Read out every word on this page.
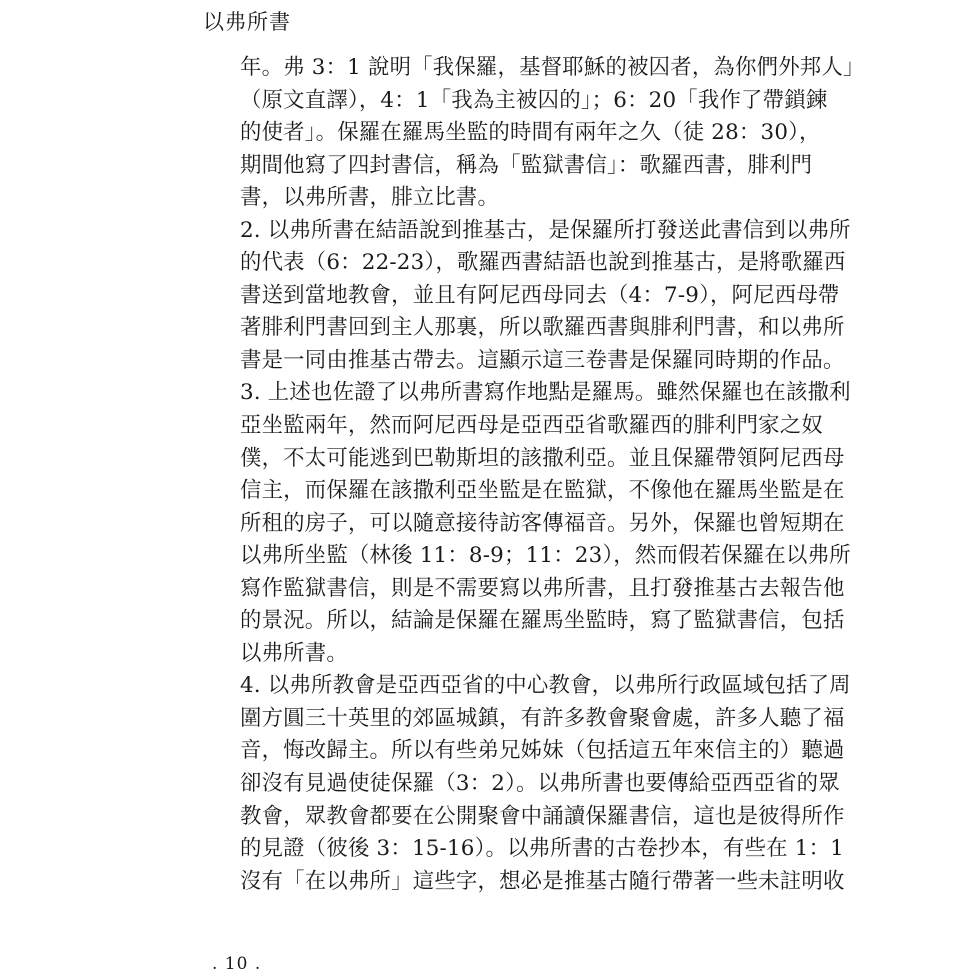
以弗所書
年。弗 3：1 說明「我保羅，基督耶穌的被囚者，為你們外邦人」
（原文直譯），4：1「我為主被囚的」；6：20「我作了帶鎖鍊
的使者」。保羅在羅馬坐監的時間有兩年之久（徒 28：30），
期間他寫了四封書信，稱為「監獄書信」：歌羅西書，腓利門
書，以弗所書，腓立比書。
2. 以弗所書在結語說到推基古，是保羅所打發送此書信到以弗所
的代表（6：22-23），歌羅西書結語也說到推基古，是將歌羅西
書送到當地教會，並且有阿尼西母同去（4：7-9），阿尼西母帶
著腓利門書回到主人那裏，所以歌羅西書與腓利門書，和以弗所
書是一同由推基古帶去。這顯示這三卷書是保羅同時期的作品。
3. 上述也佐證了以弗所書寫作地點是羅馬。雖然保羅也在該撒利
亞坐監兩年，然而阿尼西母是亞西亞省歌羅西的腓利門家之奴
僕，不太可能逃到巴勒斯坦的該撒利亞。並且保羅帶領阿尼西母
信主，而保羅在該撒利亞坐監是在監獄，不像他在羅馬坐監是在
所租的房子，可以隨意接待訪客傳福音。另外，保羅也曾短期在
以弗所坐監（林後 11：8-9；11：23），然而假若保羅在以弗所
寫作監獄書信，則是不需要寫以弗所書，且打發推基古去報告他
的景況。所以，結論是保羅在羅馬坐監時，寫了監獄書信，包括
以弗所書。
4. 以弗所教會是亞西亞省的中心教會，以弗所行政區域包括了周
圍方圓三十英里的郊區城鎮，有許多教會聚會處，許多人聽了福
音，悔改歸主。所以有些弟兄姊妹（包括這五年來信主的）聽過
卻沒有見過使徒保羅（3：2）。以弗所書也要傳給亞西亞省的眾
教會，眾教會都要在公開聚會中誦讀保羅書信，這也是彼得所作
的見證（彼後 3：15-16）。以弗所書的古卷抄本，有些在 1：1
沒有「在以弗所」這些字，想必是推基古隨行帶著一些未註明收
. 10 .
